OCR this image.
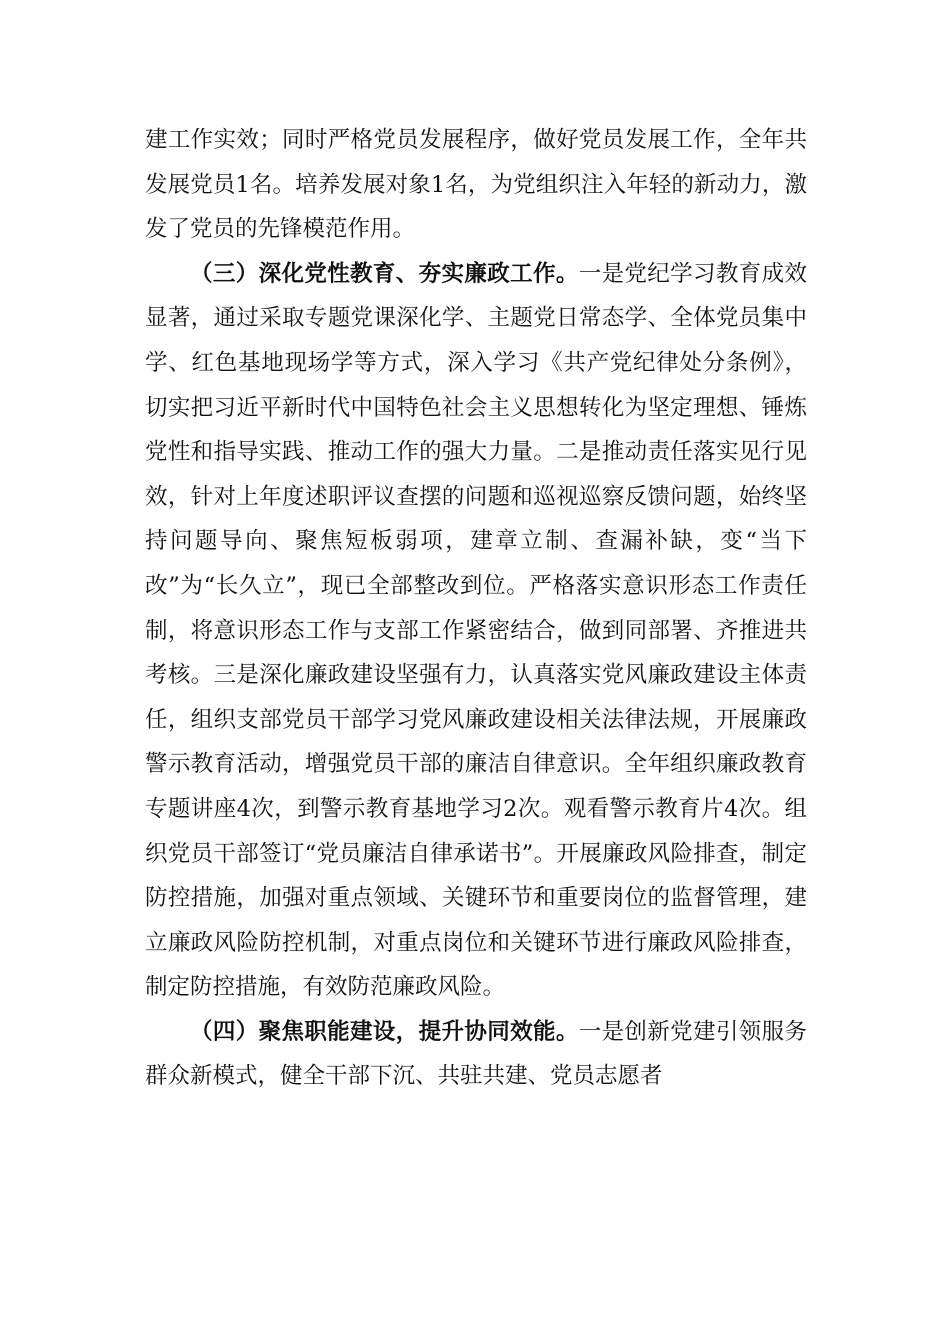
建工作实效；同时严格党员发展程序，做好党员发展工作，全年共发展党员1名。培养发展对象1名，为党组织注入年轻的新动力，激发了党员的先锋模范作用。

（三）深化党性教育、夯实廉政工作。一是党纪学习教育成效显著，通过采取专题党课深化学、主题党日常态学、全体党员集中学、红色基地现场学等方式，深入学习《共产党纪律处分条例》，切实把习近平新时代中国特色社会主义思想转化为坚定理想、锤炼党性和指导实践、推动工作的强大力量。二是推动责任落实见行见效，针对上年度述职评议查摆的问题和巡视巡察反馈问题，始终坚持问题导向、聚焦短板弱项，建章立制、查漏补缺，变“当下改”为“长久立”，现已全部整改到位。严格落实意识形态工作责任制，将意识形态工作与支部工作紧密结合，做到同部署、齐推进共考核。三是深化廉政建设坚强有力，认真落实党风廉政建设主体责任，组织支部党员干部学习党风廉政建设相关法律法规，开展廉政警示教育活动，增强党员干部的廉洁自律意识。全年组织廉政教育专题讲座4次，到警示教育基地学习2次。观看警示教育片4次。组织党员干部签订“党员廉洁自律承诺书”。开展廉政风险排查，制定防控措施，加强对重点领域、关键环节和重要岗位的监督管理，建立廉政风险防控机制，对重点岗位和关键环节进行廉政风险排查，制定防控措施，有效防范廉政风险。

（四）聚焦职能建设，提升协同效能。一是创新党建引领服务群众新模式，健全干部下沉、共驻共建、党员志愿者
